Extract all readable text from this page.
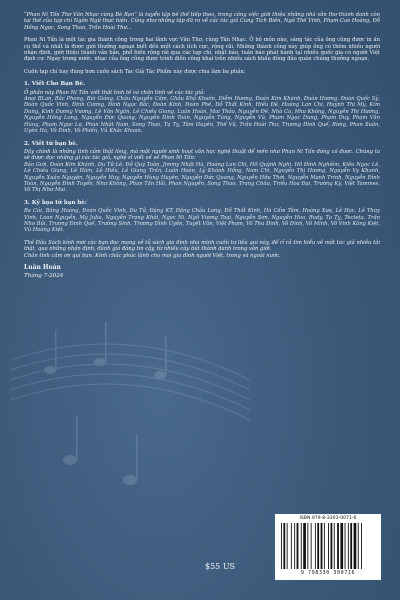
“Phan Ni Tấn Thơ Văn Nhạc cùng Bè Bạn” là tuyển tập bề thế tiếp theo, trong công việc giới thiệu những nhà văn thơ thành danh còn tại thế của tạp chí Ngôn Ngữ thực hiện. Cũng như những tập đã ra về các tác giả Cung Tích Biền, Ngô Thế Vinh, Phạm Cao Hoàng, Đỗ Hồng Ngọc, Song Thao, Trần Hoài Thư…

Phan Ni Tấn là một tác gia thành công trong hai lãnh vực Văn Thơ, cùng Tân Nhạc. Ở bộ môn nào, sáng tác của ông cũng được in ấn cụ thể và nhất là được giới thưởng ngoạn biết đến một cách tích cực, rộng rãi. Những thành công này giúp ông có thêm nhiều người nhận định, giới thiệu thành văn bản, phổ biến rộng rãi qua các tạp chí, nhật báo, tuần báo phát hành tại nhiều quốc gia có người Việt định cư. Ngay trong nước, nhạc của ông cũng được trình diễn công khai trên nhiều sách khấu đông đảo quần chúng thưởng ngoạn.

Cuốn tạp chí hay đúng hơn cuốn sách Tác Giả Tác Phẩm này được chia làm ba phần:

1. Viết Cho Bạn Bè.
Ở phần này Phan Ni Tấn viết thật tình tế và chân tình về các tác giả:
Anai BLan, Bắc Phong, Bùi Giáng, Châu Nguyễn Cầm, Châu Khả Khuôn, Diễm Hương, Đoàn Kim Khánh, Đoàn Hương, Đoàn Quốc Sỹ, Đoàn Quốc Vinh, Đinh Cường, Đinh Ngọc Bắc, Đoàn Kính, Đoàn Phế, Đỗ Thất Kinh, Hiếu Đệ, Hoàng Lan Chi, Huỳnh Thị Mỹ, Kim Dung, Kinh Dương Vương, Lê Văn Ngân, Lê Chiều Giang, Luân Hoán, Mai Thảo, Nguyễn Đề, Nhà Ca, Như Không, Nguyễn Thị Hương, Nguyễn Hồng Long, Nguyễn Đức Quang, Nguyễn Đình Toàn, Nguyễn Tùng, Nguyễn Vũ, Phạm Ngọc Dung, Phạm Duy, Phạm Văn Hùng, Phạm Ngọc Lư, Phan Nhật Nam, Song Thao, Tạ Tỵ, Tâm Huyền, Thế Vũ, Trần Hoài Thư, Trương Đình Quế, Rừng, Phan Xuân, Uyên Hà, Vô Đình, Võ Phiến, Vũ Khắc Khoan.
2. Viết từ bạn bè.
Đây chính là những tình cảm thật lòng, mà một người sinh hoạt văn học nghệ thuật để mến như Phan Ni Tấn đáng có được. Chúng ta sẽ được đọc những gì các tác giả, nghệ sĩ viết về về Phan Ni Tấn:
Bảo Giới, Đoàn Kim Khánh, Du Tử Lê, Đỗ Quý Toàn, Jimmy Nhật Hà, Hoàng Lan Chi, Hồ Quỳnh Nghi, Hồ Đình Nghiêm, Kiều Ngọc Lê, Lê Chiều Giang, Lê Hâm, Lê Hiếu, Lê Giang Trần, Luân Hoán, Lý Khánh Hồng, Nam Chi, Nguyễn Thị Hương, Nguyễn Vy Khanh, Nguyễn Xuân Nguyện, Nguyễn Huy, Nguyễn Hùng Huyên, Nguyễn Đức Quang, Nguyễn Hữu Thời, Nguyễn Mạnh Trinh, Nguyễn Đình Toàn, Nguyễn Đình Tuyển, Như Không, Phan Tấn Hải, Phan Nguyễn, Song Thao, Trang Châu, Triều Hoa Đại, Trường Kỳ, Việt Tammes, Võ Thị Như Mai.
3. Kỷ họa từ bạn bè:
Ba Cúi, Bằng Hoàng, Đoàn Quốc Vinh, Du Tử, Đặng KT, Đặng Châu Long, Đỗ Thất Kinh, Hà Cẩm Tâm, Hoàng Xưa, Lê Học, Lê Thúy Vinh, Loan Nguyễn, Mỹ Julia, Nguyễn Trọng Khôi, Ngọc Ni, Ngô Vương Toại, Nguyễn Sơn, Nguyễn Hoa, Rudy, Tạ Tỵ, Tecteta, Trần Nho Bủi, Trương Đình Quế, Trường Sinh, Trương Đình Uyên, Tuyết Văn, Việt Phạm, Võ Thu Đinh, Võ Đình, Võ Minh, Võ Vinh Kông Kiệt, Vũ Hoàng Kiệt.

Thế Đâu Sách kính mời các bạn đọc mang về tủ sách gia đình nhà mình cuốn tư liệu quí này, để rỉ rả tìm hiểu về một tác giả nhiều tài thật, qua những nhận định, đánh giá đáng tin cậy, từ nhiều cây bút thành danh trong văn giới.
Chân tình cảm ơn quí bạn. Kính chúc phúc lành cho mọi gia đình người Việt, trong và ngoài nước.

Luân Hoán
Tháng 7-2024
$55 US
ISBN 979-8-3303-0071-6
9 798330 300716
